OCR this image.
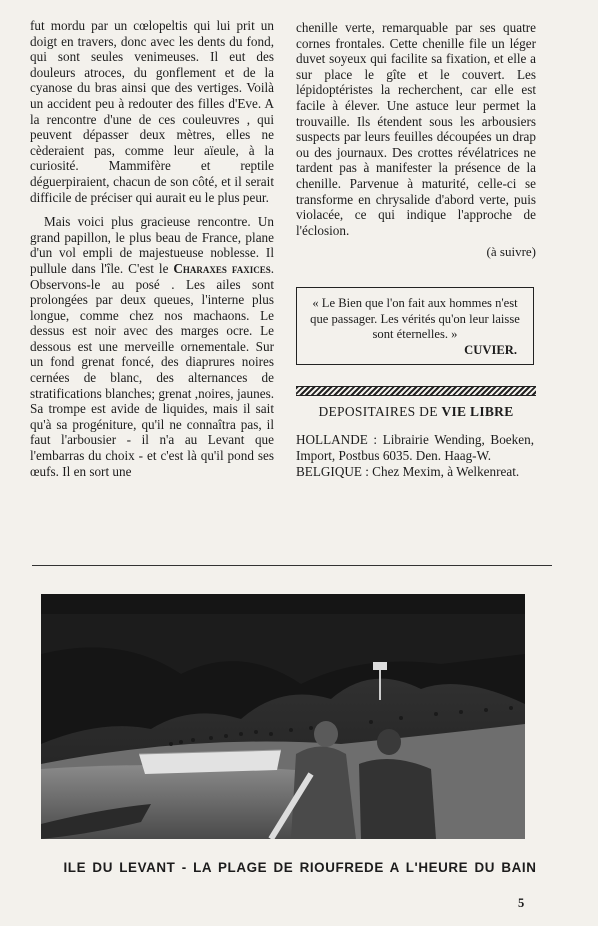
fut mordu par un cœlopeltis qui lui prit un doigt en travers, donc avec les dents du fond, qui sont seules venimeuses. Il eut des douleurs atroces, du gonflement et de la cyanose du bras ainsi que des vertiges. Voilà un accident peu à redouter des filles d'Eve. A la rencontre d'une de ces couleuvres , qui peuvent dépasser deux mètres, elles ne cèderaient pas, comme leur aïeule, à la curiosité. Mammifère et reptile déguerpiraient, chacun de son côté, et il serait difficile de préciser qui aurait eu le plus peur.

Mais voici plus gracieuse rencontre. Un grand papillon, le plus beau de France, plane d'un vol empli de majestueuse noblesse. Il pullule dans l'île. C'est le Charaxes faxices. Observons-le au posé . Les ailes sont prolongées par deux queues, l'interne plus longue, comme chez nos machaons. Le dessus est noir avec des marges ocre. Le dessous est une merveille ornementale. Sur un fond grenat foncé, des diaprures noires cernées de blanc, des alternances de stratifications blanches; grenat ,noires, jaunes. Sa trompe est avide de liquides, mais il sait qu'à sa progéniture, qu'il ne connaîtra pas, il faut l'arbousier - il n'a au Levant que l'embarras du choix - et c'est là qu'il pond ses œufs. Il en sort une

chenille verte, remarquable par ses quatre cornes frontales. Cette chenille file un léger duvet soyeux qui facilite sa fixation, et elle a sur place le gîte et le couvert. Les lépidoptéristes la recherchent, car elle est facile à élever. Une astuce leur permet la trouvaille. Ils étendent sous les arbousiers suspects par leurs feuilles découpées un drap ou des journaux. Des crottes révélatrices ne tardent pas à manifester la présence de la chenille. Parvenue à maturité, celle-ci se transforme en chrysalide d'abord verte, puis violacée, ce qui indique l'approche de l'éclosion.

(à suivre)
« Le Bien que l'on fait aux hommes n'est que passager. Les vérités qu'on leur laisse sont éternelles. »
CUVIER.
DEPOSITAIRES DE VIE LIBRE

HOLLANDE : Librairie Wending, Boeken, Import, Postbus 6035. Den. Haag-W.

BELGIQUE : Chez Mexim, à Welkenreat.

ILE DU LEVANT - LA PLAGE DE RIOUFREDE A L'HEURE DU BAIN
5
